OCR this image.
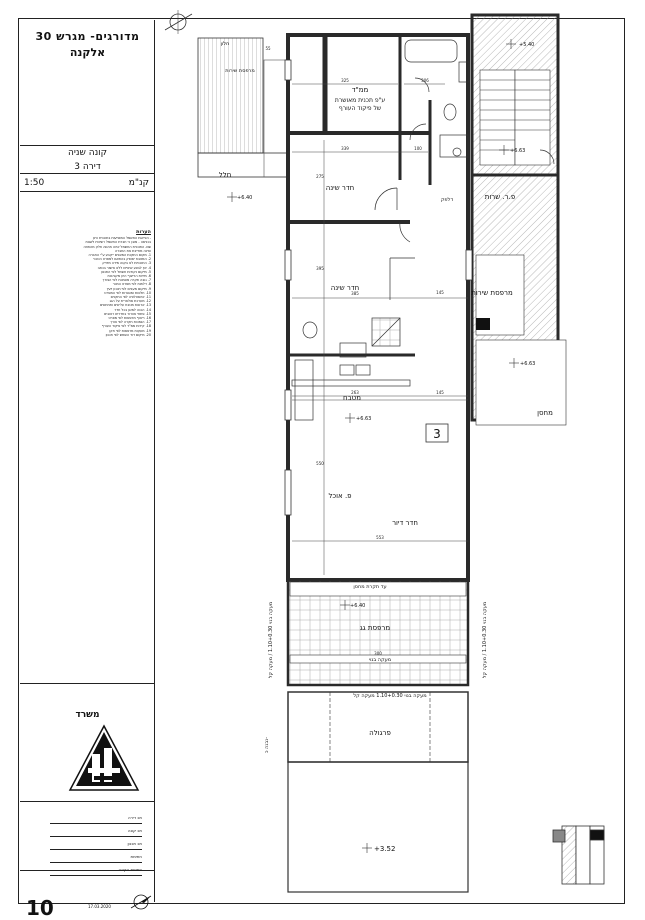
מדורגים- מגרש 30
אלקנה
קונה שניה
דירה 3
קנ"מ
1:50
הערות

- הוראות החשמל המופיעות בתוכנית הינן

בכניסה - מובן כי חברת החשמל רשאית לשנות

שם. התוכנית החשמל אינה מהווה חלק מהחוזה

ואינה מחייבת את החברה

1. מקום התקנת המזגנים ייקבע ע"י החברה

2. המטבח יסופק בהתאם למפרט הטכני

3. התוכניות לא בקנה מידה מדויק

4. אין לבצע שינויים ללא אישור בכתב

5. מיקום נקודות חשמל לפי התכנון

6. מידות הריצוף הינן מקורבות

7. גובה תקרה מונמכת לפי הצורך

8. דלתות לפי מפרט המכר

9. מיקום מעבים לפי תכנון יועץ

10. חלונות ומסגרות לפי המפרט

11. אינסטלציה לפי התקנים

12. מערכת סולארית על הגג

13. ארונות מטבח עליונים ותחתונים

14. הכנה למזגן בכל חדר

15. פתחי אוורור בחדרים רטובים

16. ריצוף מרפסות לפי מפרט

17. הנמכות תקרה לפי צורך

18. קירות ממ"ד לפי פיקוד העורף

19. מעקות מרפסות לפי תקן

20. מיקום דוד השמש לפי תכנון

משרד
תכ דירה
תכ קונה
תכ תכנון
חתימת
חתימת הקונה
10	17.03.2020
ממ"ד
ע"פ תכנית מאושרת
של פיקוד העורף
חדר שינה
חדר שינה
מטבח
פ. אוכל
חדר דיור
מחסן
מרפסת גג
פרגולה
מרפסת שירות
פ.ר. שרות
חלל
דלפק
3
מרפסת שירות
עד תקרת מחסן
מעקה בנוי 1.10+0.30 מעקה קל
מעקה בנוי
חלון
מעקה בנוי 1.10+0.30 / מעקה קל
מעקה בנוי 1.10+0.30 / מעקה קל
נבנה כ-
+5.40
+6.63
+6.40
+6.63
+6.63
+6.40
+3.52
325	306
339	100
145
263	145
550
553
55
275
395
385
300
